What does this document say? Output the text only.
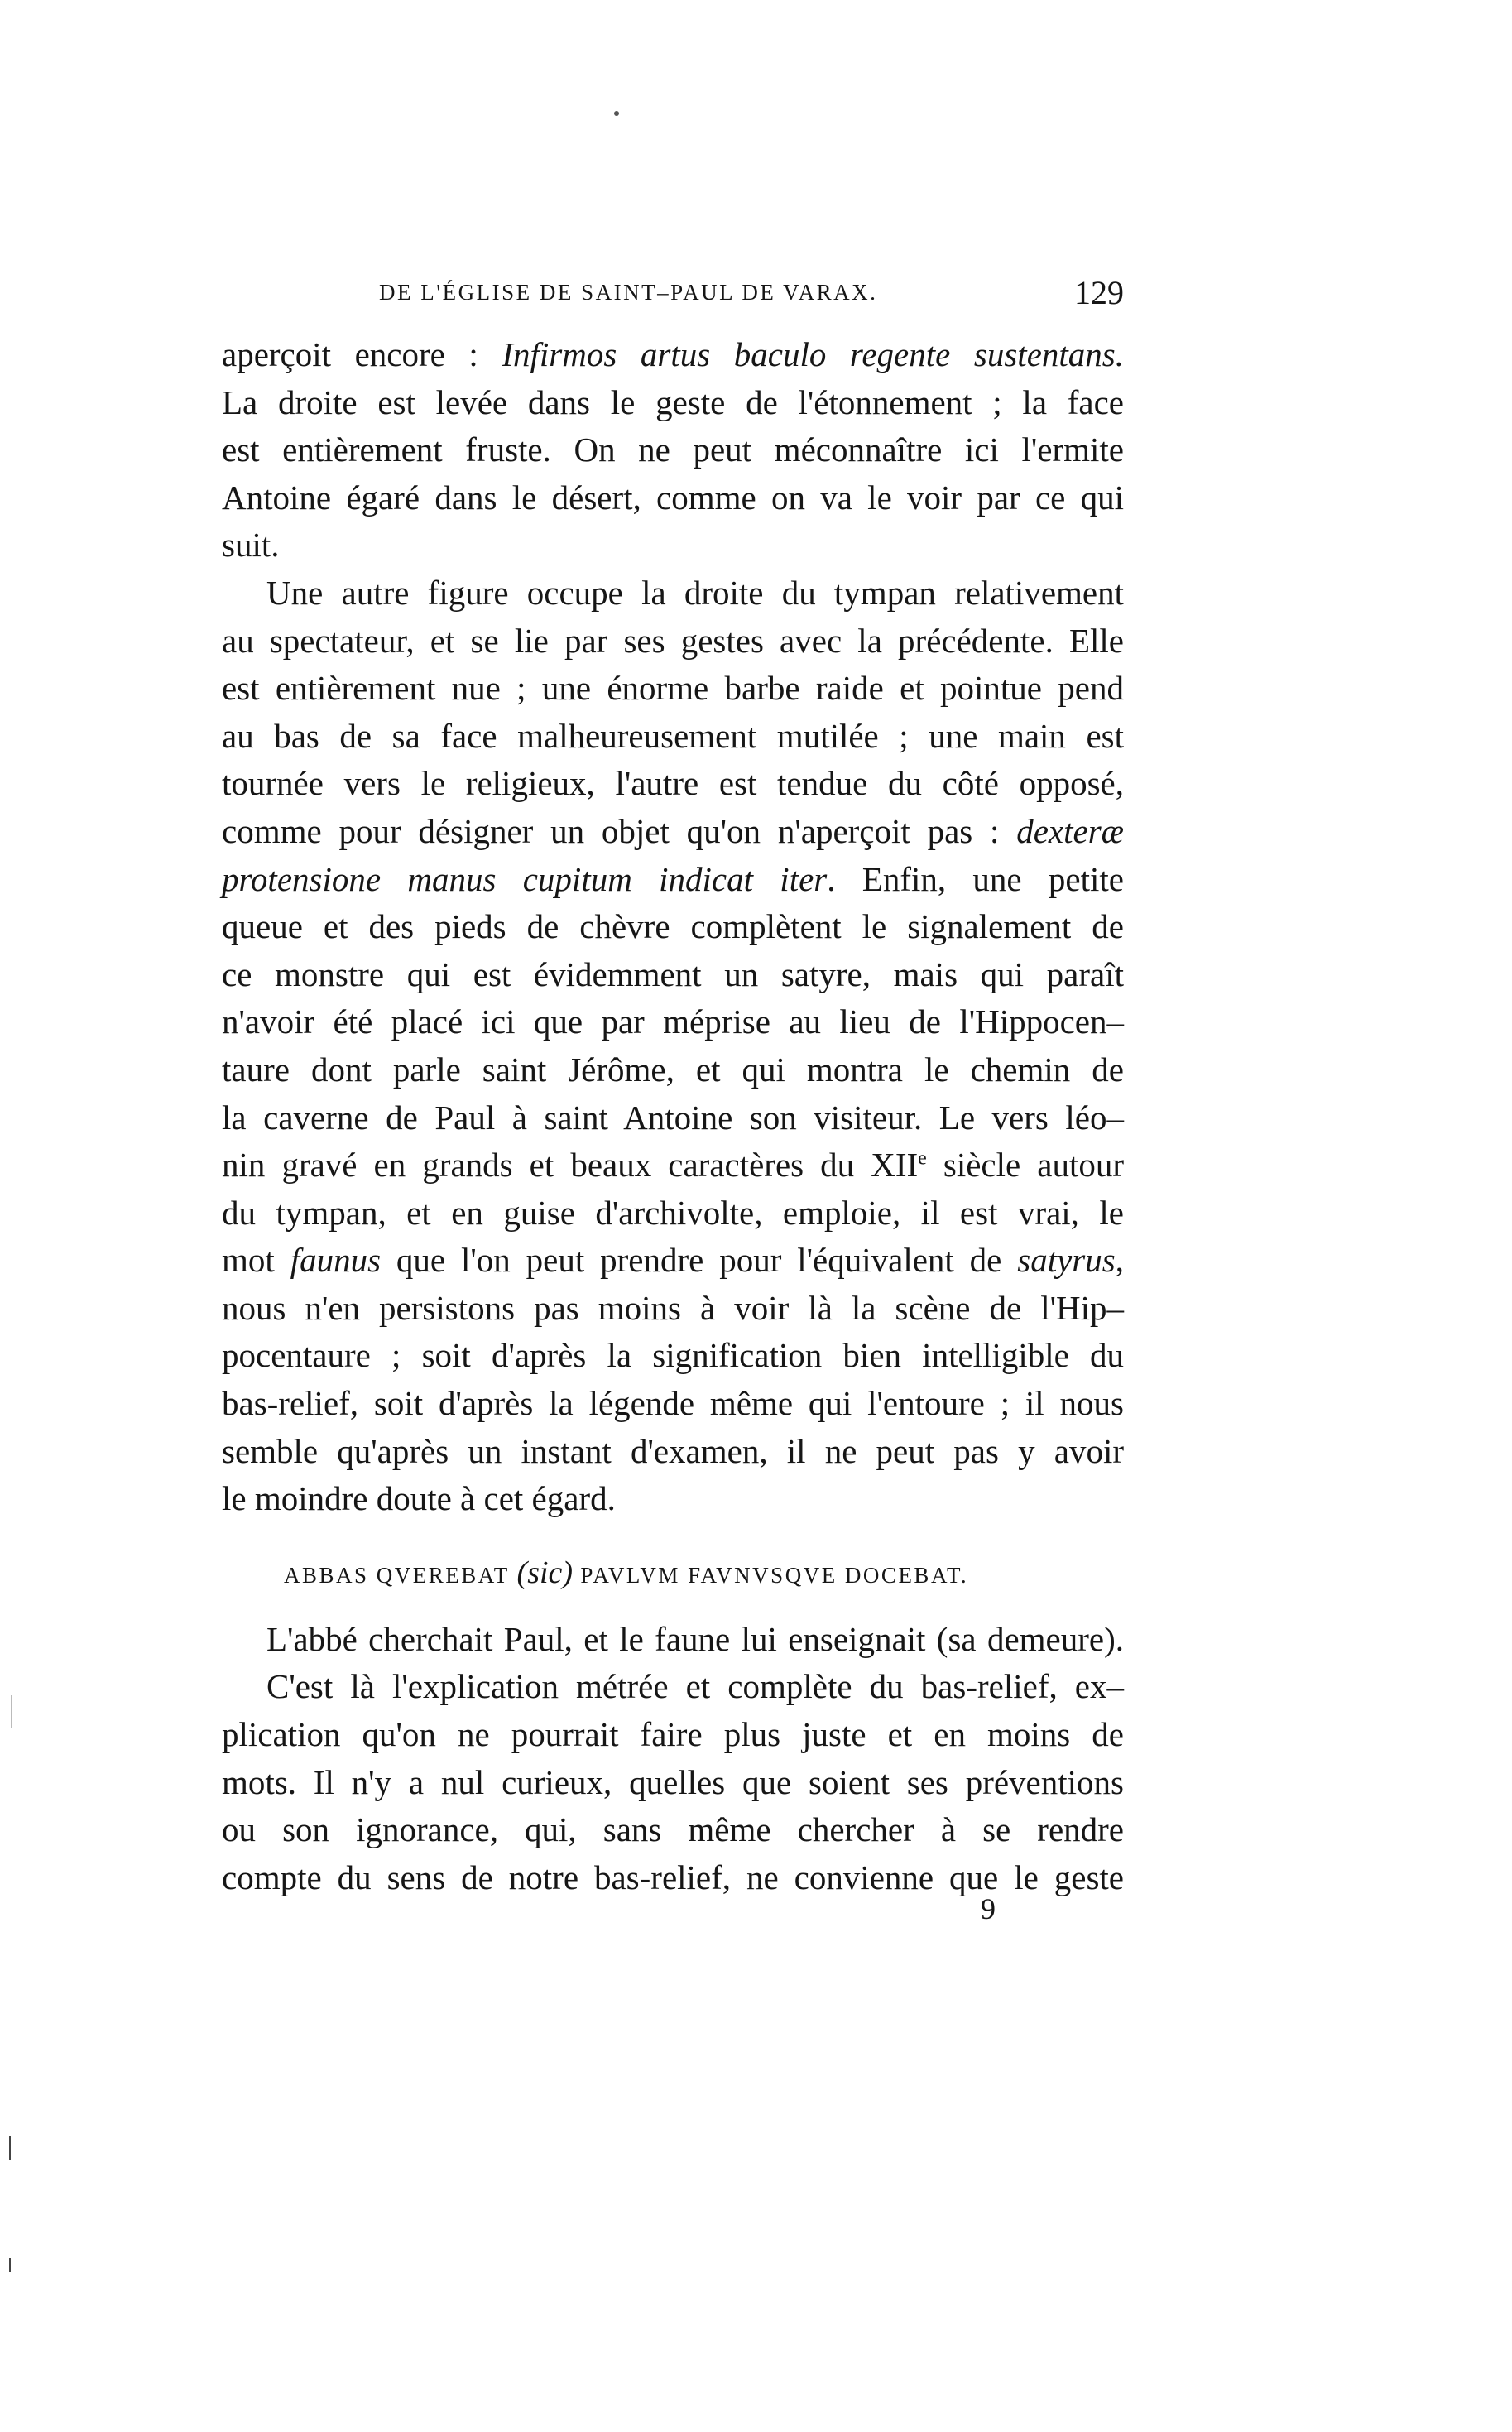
DE L'ÉGLISE DE SAINT–PAUL DE VARAX.	129
aperçoit encore : Infirmos artus baculo regente sustentans.
La droite est levée dans le geste de l'étonnement ; la face
est entièrement fruste. On ne peut méconnaître ici l'ermite
Antoine égaré dans le désert, comme on va le voir par ce qui
suit.
Une autre figure occupe la droite du tympan relativement
au spectateur, et se lie par ses gestes avec la précédente. Elle
est entièrement nue ; une énorme barbe raide et pointue pend
au bas de sa face malheureusement mutilée ; une main est
tournée vers le religieux, l'autre est tendue du côté opposé,
comme pour désigner un objet qu'on n'aperçoit pas : dexteræ
protensione manus cupitum indicat iter. Enfin, une petite
queue et des pieds de chèvre complètent le signalement de
ce monstre qui est évidemment un satyre, mais qui paraît
n'avoir été placé ici que par méprise au lieu de l'Hippocen–
taure dont parle saint Jérôme, et qui montra le chemin de
la caverne de Paul à saint Antoine son visiteur. Le vers léo–
nin gravé en grands et beaux caractères du XIIe siècle autour
du tympan, et en guise d'archivolte, emploie, il est vrai, le
mot faunus que l'on peut prendre pour l'équivalent de satyrus,
nous n'en persistons pas moins à voir là la scène de l'Hip–
pocentaure ; soit d'après la signification bien intelligible du
bas-relief, soit d'après la légende même qui l'entoure ; il nous
semble qu'après un instant d'examen, il ne peut pas y avoir
le moindre doute à cet égard.
ABBAS QVEREBAT (sic) PAVLVM FAVNVSQVE DOCEBAT.
L'abbé cherchait Paul, et le faune lui enseignait (sa demeure).
C'est là l'explication métrée et complète du bas-relief, ex–
plication qu'on ne pourrait faire plus juste et en moins de
mots. Il n'y a nul curieux, quelles que soient ses préventions
ou son ignorance, qui, sans même chercher à se rendre
compte du sens de notre bas-relief, ne convienne que le geste
9
